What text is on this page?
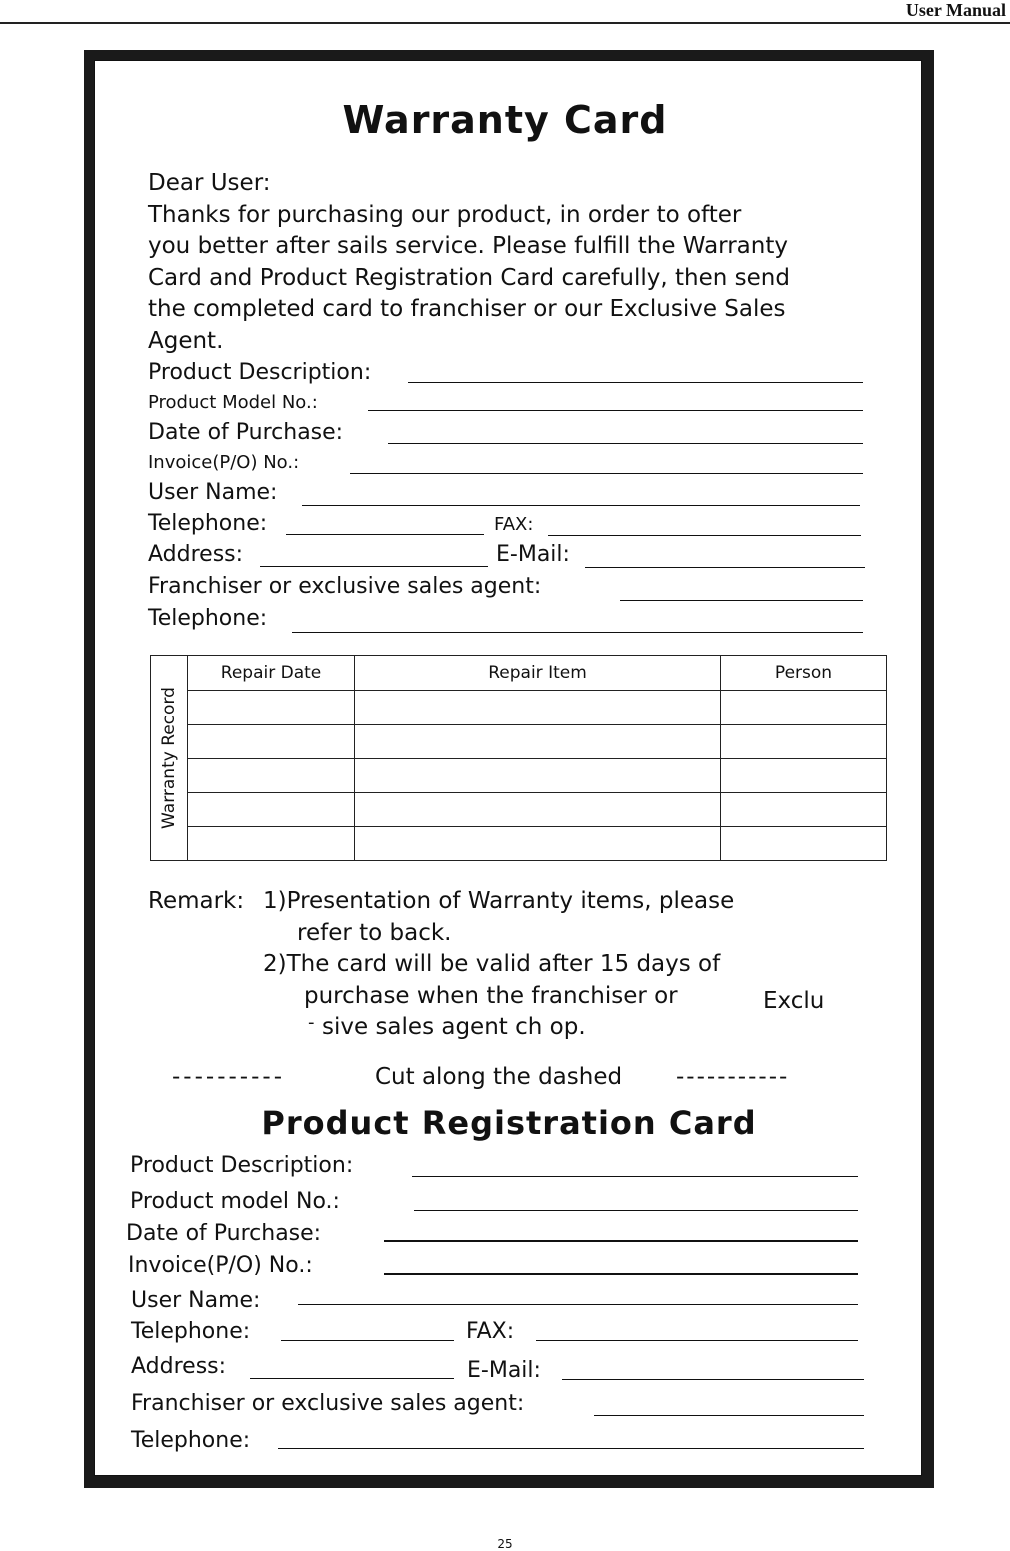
User Manual
Warranty Card
Dear User:
Thanks for purchasing our product, in order to ofter
you better after sails service. Please fulfill the Warranty
Card and Product Registration Card carefully, then send
the completed card to franchiser or our Exclusive Sales
Agent.
Product Description:
Product Model No.:
Date of Purchase:
Invoice(P/O) No.:
User Name:
Telephone:	FAX:
Address:	E-Mail:
Franchiser or exclusive sales agent:
Telephone:
Warranty Record	Repair Date	Repair Item	Person

Remark: 1)Presentation of Warranty items, please
refer to back.
2)The card will be valid after 15 days of
purchase when the franchiser or	Exclu
- sive sales agent ch op.
----------	Cut along the dashed -----------
Product Registration Card
Product Description:
Product model No.:
Date of Purchase:
Invoice(P/O) No.:
User Name:
Telephone:	FAX:
Address:	E-Mail:
Franchiser or exclusive sales agent:
Telephone:
25
